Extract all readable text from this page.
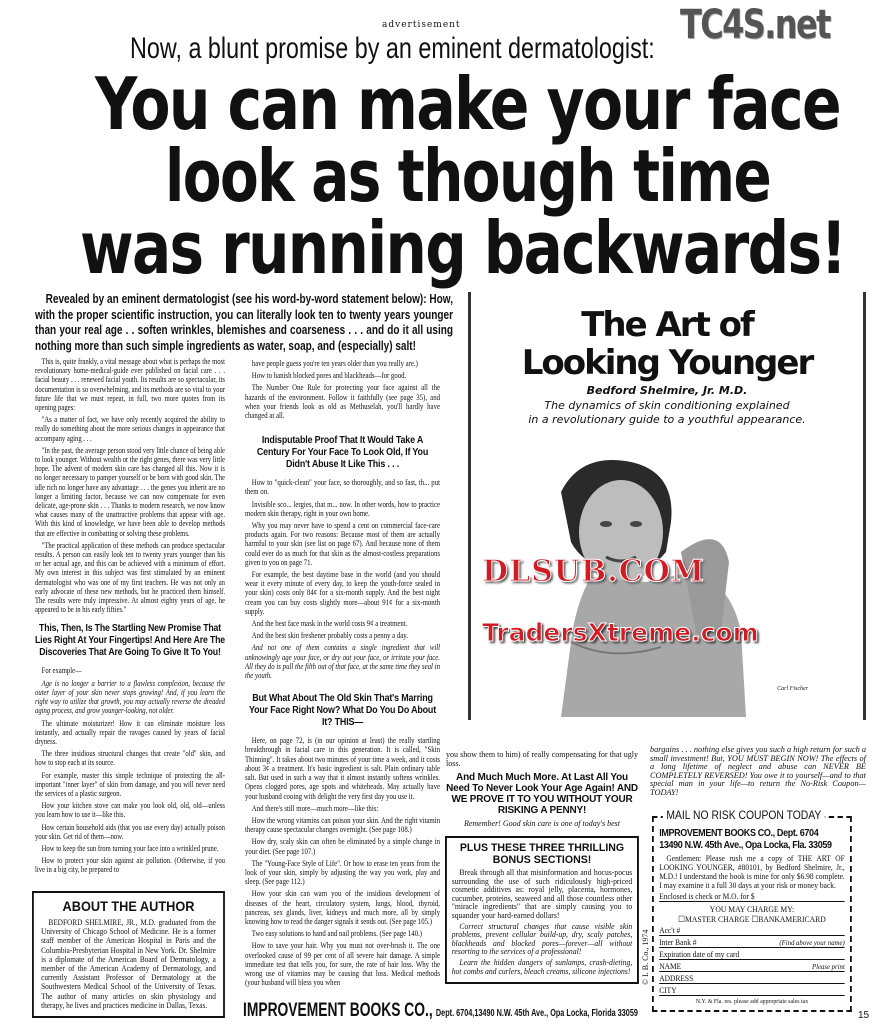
advertisement
Now, a blunt promise by an eminent dermatologist:
You can make your face
look as though time
was running backwards!
Revealed by an eminent dermatologist (see his word-by-word statement below): How, with the proper scientific instruction, you can literally look ten to twenty years younger than your real age . . soften wrinkles, blemishes and coarseness . . . and do it all using nothing more than such simple ingredients as water, soap, and (especially) salt!

This is, quite frankly, a vital message about what is perhaps the most revolutionary home-medical-guide ever published on facial care . . . facial beauty . . . renewed facial youth. Its results are so spectacular, its documentation is so overwhelming, and its methods are so vital to your future life that we must repeat, in full, two more quotes from its opening pages:

"As a matter of fact, we have only recently acquired the ability to really do something about the more serious changes in appearance that accompany aging . . .

"In the past, the average person stood very little chance of being able to look younger. Without wealth or the right genes, there was very little hope. The advent of modern skin care has changed all this. Now it is no longer necessary to pamper yourself or be born with good skin. The idle rich no longer have any advantage . . . the genes you inherit are no longer a limiting factor, because we can now compensate for even delicate, age-prone skin . . . Thanks to modern research, we now know what causes many of the unattractive problems that appear with age. With this kind of knowledge, we have been able to develop methods that are effective in combatting or solving these problems.

"The practical application of these methods can produce spectacular results. A person can easily look ten to twenty years younger than his or her actual age, and this can be achieved with a minimum of effort. My own interest in this subject was first stimulated by an eminent dermatologist who was one of my first teachers. He was not only an early advocate of these new methods, but he practiced them himself. The results were truly impressive. At almost eighty years of age, he appeared to be in his early fifties."

This, Then, Is The Startling New Promise That Lies Right At Your Fingertips! And Here Are The Discoveries That Are Going To Give It To You!

For example—

Age is no longer a barrier to a flawless complexion, because the outer layer of your skin never stops growing! And, if you learn the right way to utilize that growth, you may actually reverse the dreaded aging process, and grow younger-looking, not older.

The ultimate moisturizer! How it can eliminate moisture loss instantly, and actually repair the ravages caused by years of facial dryness.

The three insidious structural changes that create "old" skin, and how to stop each at its source.

For example, master this simple technique of protecting the all-important "inner layer" of skin from damage, and you will never need the services of a plastic surgeon.

How your kitchen stove can make you look old, old, old—unless you learn how to use it—like this.

How certain household aids (that you use every day) actually poison your skin. Get rid of them—now.

How to keep the sun from turning your face into a wrinkled prune.

How to protect your skin against air pollution. (Otherwise, if you live in a big city, be prepared to

ABOUT THE AUTHOR

BEDFORD SHELMIRE, JR., M.D. graduated from the University of Chicago School of Medicine. He is a former staff member of the American Hospital in Paris and the Columbia-Presbyterian Hospital in New York. Dr. Shelmire is a diplomate of the American Board of Dermatology, a member of the American Academy of Dermatology, and currently Assistant Professor of Dermatology at the Southwestern Medical School of the University of Texas. The author of many articles on skin physiology and therapy, he lives and practices medicine in Dallas, Texas.

have people guess you're ten years older than you really are.)

How to banish blocked pores and blackheads—for good.

The Number One Rule for protecting your face against all the hazards of the environment. Follow it faithfully (see page 35), and when your friends look as old as Methuselah, you'll hardly have changed at all.

Indisputable Proof That It Would Take A Century For Your Face To Look Old, If You Didn't Abuse It Like This . . .

How to "quick-clean" your face, so thoroughly, and so fast, th... put them on.

Invisible sco... lergies, that m... now. In other words, how to practice modern skin therapy, right in your own home.

Why you may never have to spend a cent on commercial face-care products again. For two reasons: Because most of them are actually harmful to your skin (see list on page 67). And because none of them could ever do as much for that skin as the almost-costless preparations given to you on page 71.

For example, the best daytime base in the world (and you should wear it every minute of every day, to keep the youth-force sealed in your skin) costs only 84¢ for a six-month supply. And the best night cream you can buy costs slightly more—about 91¢ for a six-month supply.

And the best face mask in the world costs 9¢ a treatment.

And the best skin freshener probably costs a penny a day.

And not one of them contains a single ingredient that will unknowingly age your face, or dry out your face, or irritate your face. All they do is pull the filth out of that face, at the same time they seal in the youth.

But What About The Old Skin That's Marring Your Face Right Now? What Do You Do About It? THIS—

Here, on page 72, is (in our opinion at least) the really startling breakthrough in facial care in this generation. It is called, "Skin Thinning". It takes about two minutes of your time a week, and it costs about 3¢ a treatment. It's basic ingredient is salt. Plain ordinary table salt. But used in such a way that it almost instantly softens wrinkles. Opens clogged pores, age spots and whiteheads. May actually have your husband cooing with delight the very first day you use it.

And there's still more—much more—like this:

How the wrong vitamins can poison your skin. And the right vitamin therapy cause spectacular changes overnight. (See page 108.)

How dry, scaly skin can often be eliminated by a simple change in your diet. (See page 107.)

The "Young-Face Style of Life". Or how to erase ten years from the look of your skin, simply by adjusting the way you work, play and sleep. (See page 112.)

How your skin can warn you of the insidious development of diseases of the heart, circulatory system, lungs, blood, thyroid, pancreas, sex glands, liver, kidneys and much more, all by simply knowing how to read the danger signals it sends out. (See page 105.)

Two easy solutions to hand and nail problems. (See page 140.)

How to save your hair. Why you must not over-brush it. The one overlooked cause of 99 per cent of all severe hair damage. A simple immediate test that tells you, for sure, the rate of hair loss. Why the wrong use of vitamins may be causing that loss. Medical methods (your husband will bless you when

The Art of
Looking Younger
Bedford Shelmire, Jr. M.D.
The dynamics of skin conditioning explained
in a revolutionary guide to a youthful appearance.
Carl Fischer

you show them to him) of really compensating for that ugly loss.

And Much Much More. At Last All You Need To Never Look Your Age Again! AND WE PROVE IT TO YOU WITHOUT YOUR RISKING A PENNY!

Remember! Good skin care is one of today's best

PLUS THESE THREE THRILLING BONUS SECTIONS!

Break through all that misinformation and hocus-pocus surrounding the use of such ridiculously high-priced cosmetic additives as: royal jelly, placenta, hormones, cucumber, proteins, seaweed and all those countless other "miracle ingredients" that are simply causing you to squander your hard-earned dollars!

Correct structural changes that cause visible skin problems, prevent cellular build-up, dry, scaly patches, blackheads and blocked pores—forever—all without resorting to the services of a professional!

Learn the hidden dangers of sunlamps, crash-dieting, hot combs and curlers, bleach creams, silicone injections! © I. B. Co., 1974

bargains . . . nothing else gives you such a high return for such a small investment! But, YOU MUST BEGIN NOW! The effects of a long lifetime of neglect and abuse can NEVER BE COMPLETELY REVERSED! You owe it to yourself—and to that special man in your life—to return the No-Risk Coupon—TODAY!

MAIL NO RISK COUPON TODAY
IMPROVEMENT BOOKS CO., Dept. 6704
13490 N.W. 45th Ave., Opa Locka, Fla. 33059

Gentlemen: Please rush me a copy of THE ART OF LOOKING YOUNGER, #80101, by Bedford Shelmire, Jr., M.D.! I understand the book is mine for only $6.98 complete. I may examine it a full 30 days at your risk or money back.

Enclosed is check or M.O. for $
YOU MAY CHARGE MY:
☐MASTER CHARGE ☐BANKAMERICARD
Acc't #
Inter Bank #	(Find above your name)
Expiration date of my card
NAME	Please print
ADDRESS
CITY
N.Y. & Fla. res. please add appropriate sales tax
IMPROVEMENT BOOKS CO., Dept. 6704,13490 N.W. 45th Ave., Opa Locka, Florida 33059	15
TC4S.net
DLSUB.COM
TradersXtreme.com
